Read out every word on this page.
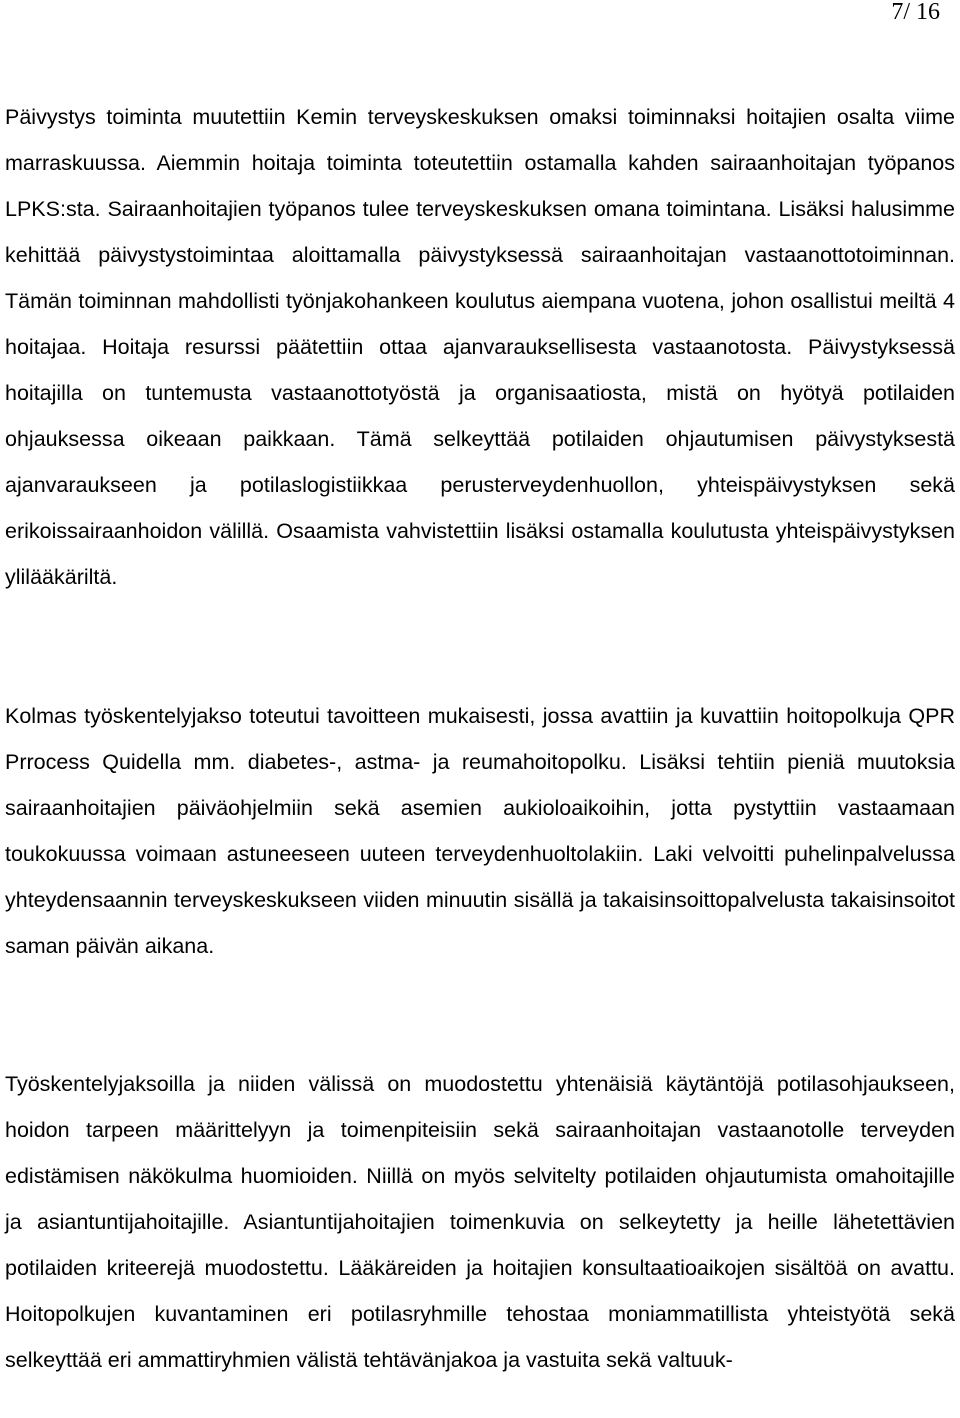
7/ 16

Päivystys toiminta muutettiin Kemin terveyskeskuksen omaksi toiminnaksi hoitajien osalta viime marraskuussa. Aiemmin hoitaja toiminta toteutettiin ostamalla kahden sairaanhoitajan työpanos LPKS:sta. Sairaanhoitajien työpanos tulee terveyskeskuksen omana toimintana. Lisäksi halusimme kehittää päivystystoimintaa aloittamalla päivystyksessä sairaanhoitajan vastaanottotoiminnan. Tämän toiminnan mahdollisti työnjakohankeen koulutus aiempana vuotena, johon osallistui meiltä 4 hoitajaa. Hoitaja resurssi päätettiin ottaa ajanvarauksellisesta vastaanotosta. Päivystyksessä hoitajilla on tuntemusta vastaanottotyöstä ja organisaatiosta, mistä on hyötyä potilaiden ohjauksessa oikeaan paikkaan. Tämä selkeyttää potilaiden ohjautumisen päivystyksestä ajanvaraukseen ja potilaslogistiikkaa perusterveydenhuollon, yhteispäivystyksen sekä erikoissairaanhoidon välillä. Osaamista vahvistettiin lisäksi ostamalla koulutusta yhteispäivystyksen ylilääkäriltä.

Kolmas työskentelyjakso toteutui tavoitteen mukaisesti, jossa avattiin ja kuvattiin hoitopolkuja QPR Prrocess Quidella mm. diabetes-, astma- ja reumahoitopolku. Lisäksi tehtiin pieniä muutoksia sairaanhoitajien päiväohjelmiin sekä asemien aukioloaikoihin, jotta pystyttiin vastaamaan toukokuussa voimaan astuneeseen uuteen terveydenhuoltolakiin. Laki velvoitti puhelinpalvelussa yhteydensaannin terveyskeskukseen viiden minuutin sisällä ja takaisinsoittopalvelusta takaisinsoitot saman päivän aikana.

Työskentelyjaksoilla ja niiden välissä on muodostettu yhtenäisiä käytäntöjä potilasohjaukseen, hoidon tarpeen määrittelyyn ja toimenpiteisiin sekä sairaanhoitajan vastaanotolle terveyden edistämisen näkökulma huomioiden. Niillä on myös selvitelty potilaiden ohjautumista omahoitajille ja asiantuntijahoitajille. Asiantuntijahoitajien toimenkuvia on selkeytetty ja heille lähetettävien potilaiden kriteerejä muodostettu. Lääkäreiden ja hoitajien konsultaatioaikojen sisältöä on avattu. Hoitopolkujen kuvantaminen eri potilasryhmille tehostaa moniammatillista yhteistyötä sekä selkeyttää eri ammattiryhmien välistä tehtävänjakoa ja vastuita sekä valtuuk-
